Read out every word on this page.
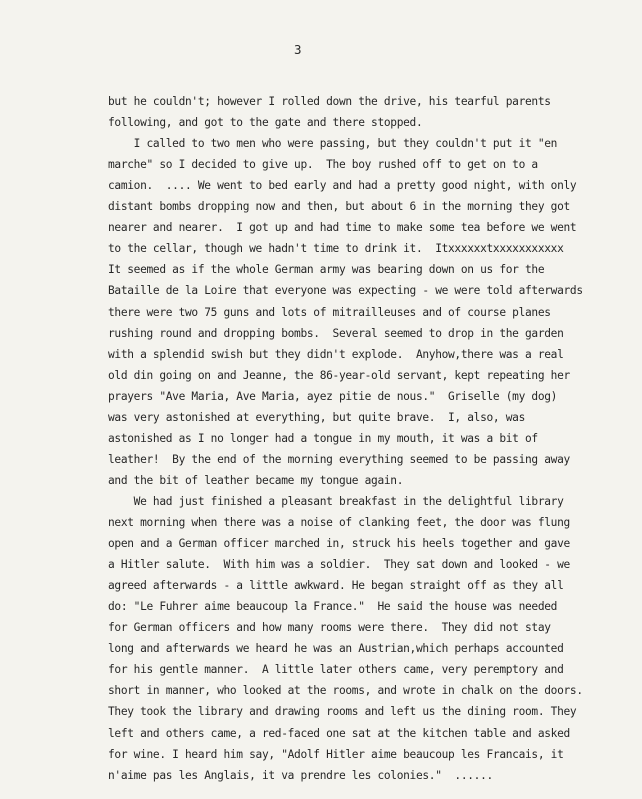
3
but he couldn't; however I rolled down the drive, his tearful parents
following, and got to the gate and there stopped.
I called to two men who were passing, but they couldn't put it "en
marche" so I decided to give up.  The boy rushed off to get on to a
camion.  .... We went to bed early and had a pretty good night, with only
distant bombs dropping now and then, but about 6 in the morning they got
nearer and nearer.  I got up and had time to make some tea before we went
to the cellar, though we hadn't time to drink it.  Itxxxxxxtxxxxxxxxxxx
It seemed as if the whole German army was bearing down on us for the
Bataille de la Loire that everyone was expecting - we were told afterwards
there were two 75 guns and lots of mitrailleuses and of course planes
rushing round and dropping bombs.  Several seemed to drop in the garden
with a splendid swish but they didn't explode.  Anyhow,there was a real
old din going on and Jeanne, the 86-year-old servant, kept repeating her
prayers "Ave Maria, Ave Maria, ayez pitie de nous."  Griselle (my dog)
was very astonished at everything, but quite brave.  I, also, was
astonished as I no longer had a tongue in my mouth, it was a bit of
leather!  By the end of the morning everything seemed to be passing away
and the bit of leather became my tongue again.
We had just finished a pleasant breakfast in the delightful library
next morning when there was a noise of clanking feet, the door was flung
open and a German officer marched in, struck his heels together and gave
a Hitler salute.  With him was a soldier.  They sat down and looked - we
agreed afterwards - a little awkward. He began straight off as they all
do: "Le Fuhrer aime beaucoup la France."  He said the house was needed
for German officers and how many rooms were there.  They did not stay
long and afterwards we heard he was an Austrian,which perhaps accounted
for his gentle manner.  A little later others came, very peremptory and
short in manner, who looked at the rooms, and wrote in chalk on the doors.
They took the library and drawing rooms and left us the dining room. They
left and others came, a red-faced one sat at the kitchen table and asked
for wine. I heard him say, "Adolf Hitler aime beaucoup les Francais, it
n'aime pas les Anglais, it va prendre les colonies."  ......
